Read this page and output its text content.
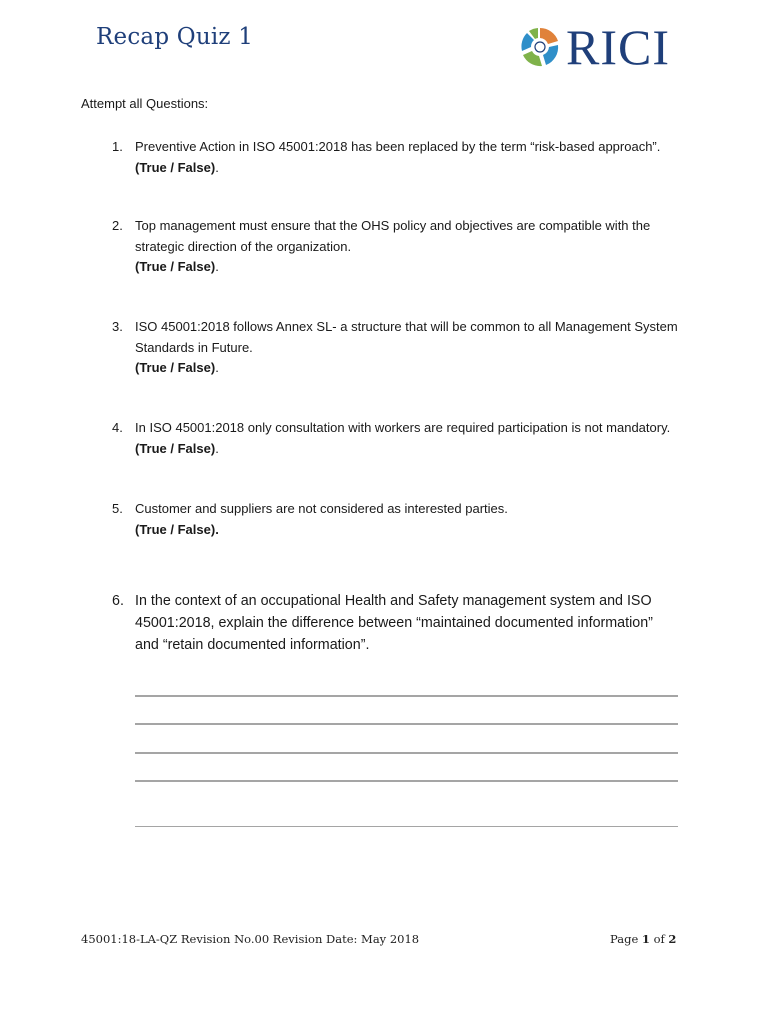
Recap Quiz 1	RICI
Attempt all Questions:
1. Preventive Action in ISO 45001:2018 has been replaced by the term “risk-based approach”.
(True / False).
2. Top management must ensure that the OHS policy and objectives are compatible with the
strategic direction of the organization.
(True / False).
3. ISO 45001:2018 follows Annex SL- a structure that will be common to all Management System
Standards in Future.
(True / False).
4. In ISO 45001:2018 only consultation with workers are required participation is not mandatory.
(True / False).
5. Customer and suppliers are not considered as interested parties.
(True / False).
6. In the context of an occupational Health and Safety management system and ISO
45001:2018, explain the difference between “maintained documented information”
and “retain documented information”.
45001:18-LA-QZ Revision No.00 Revision Date: May 2018	Page 1 of 2
